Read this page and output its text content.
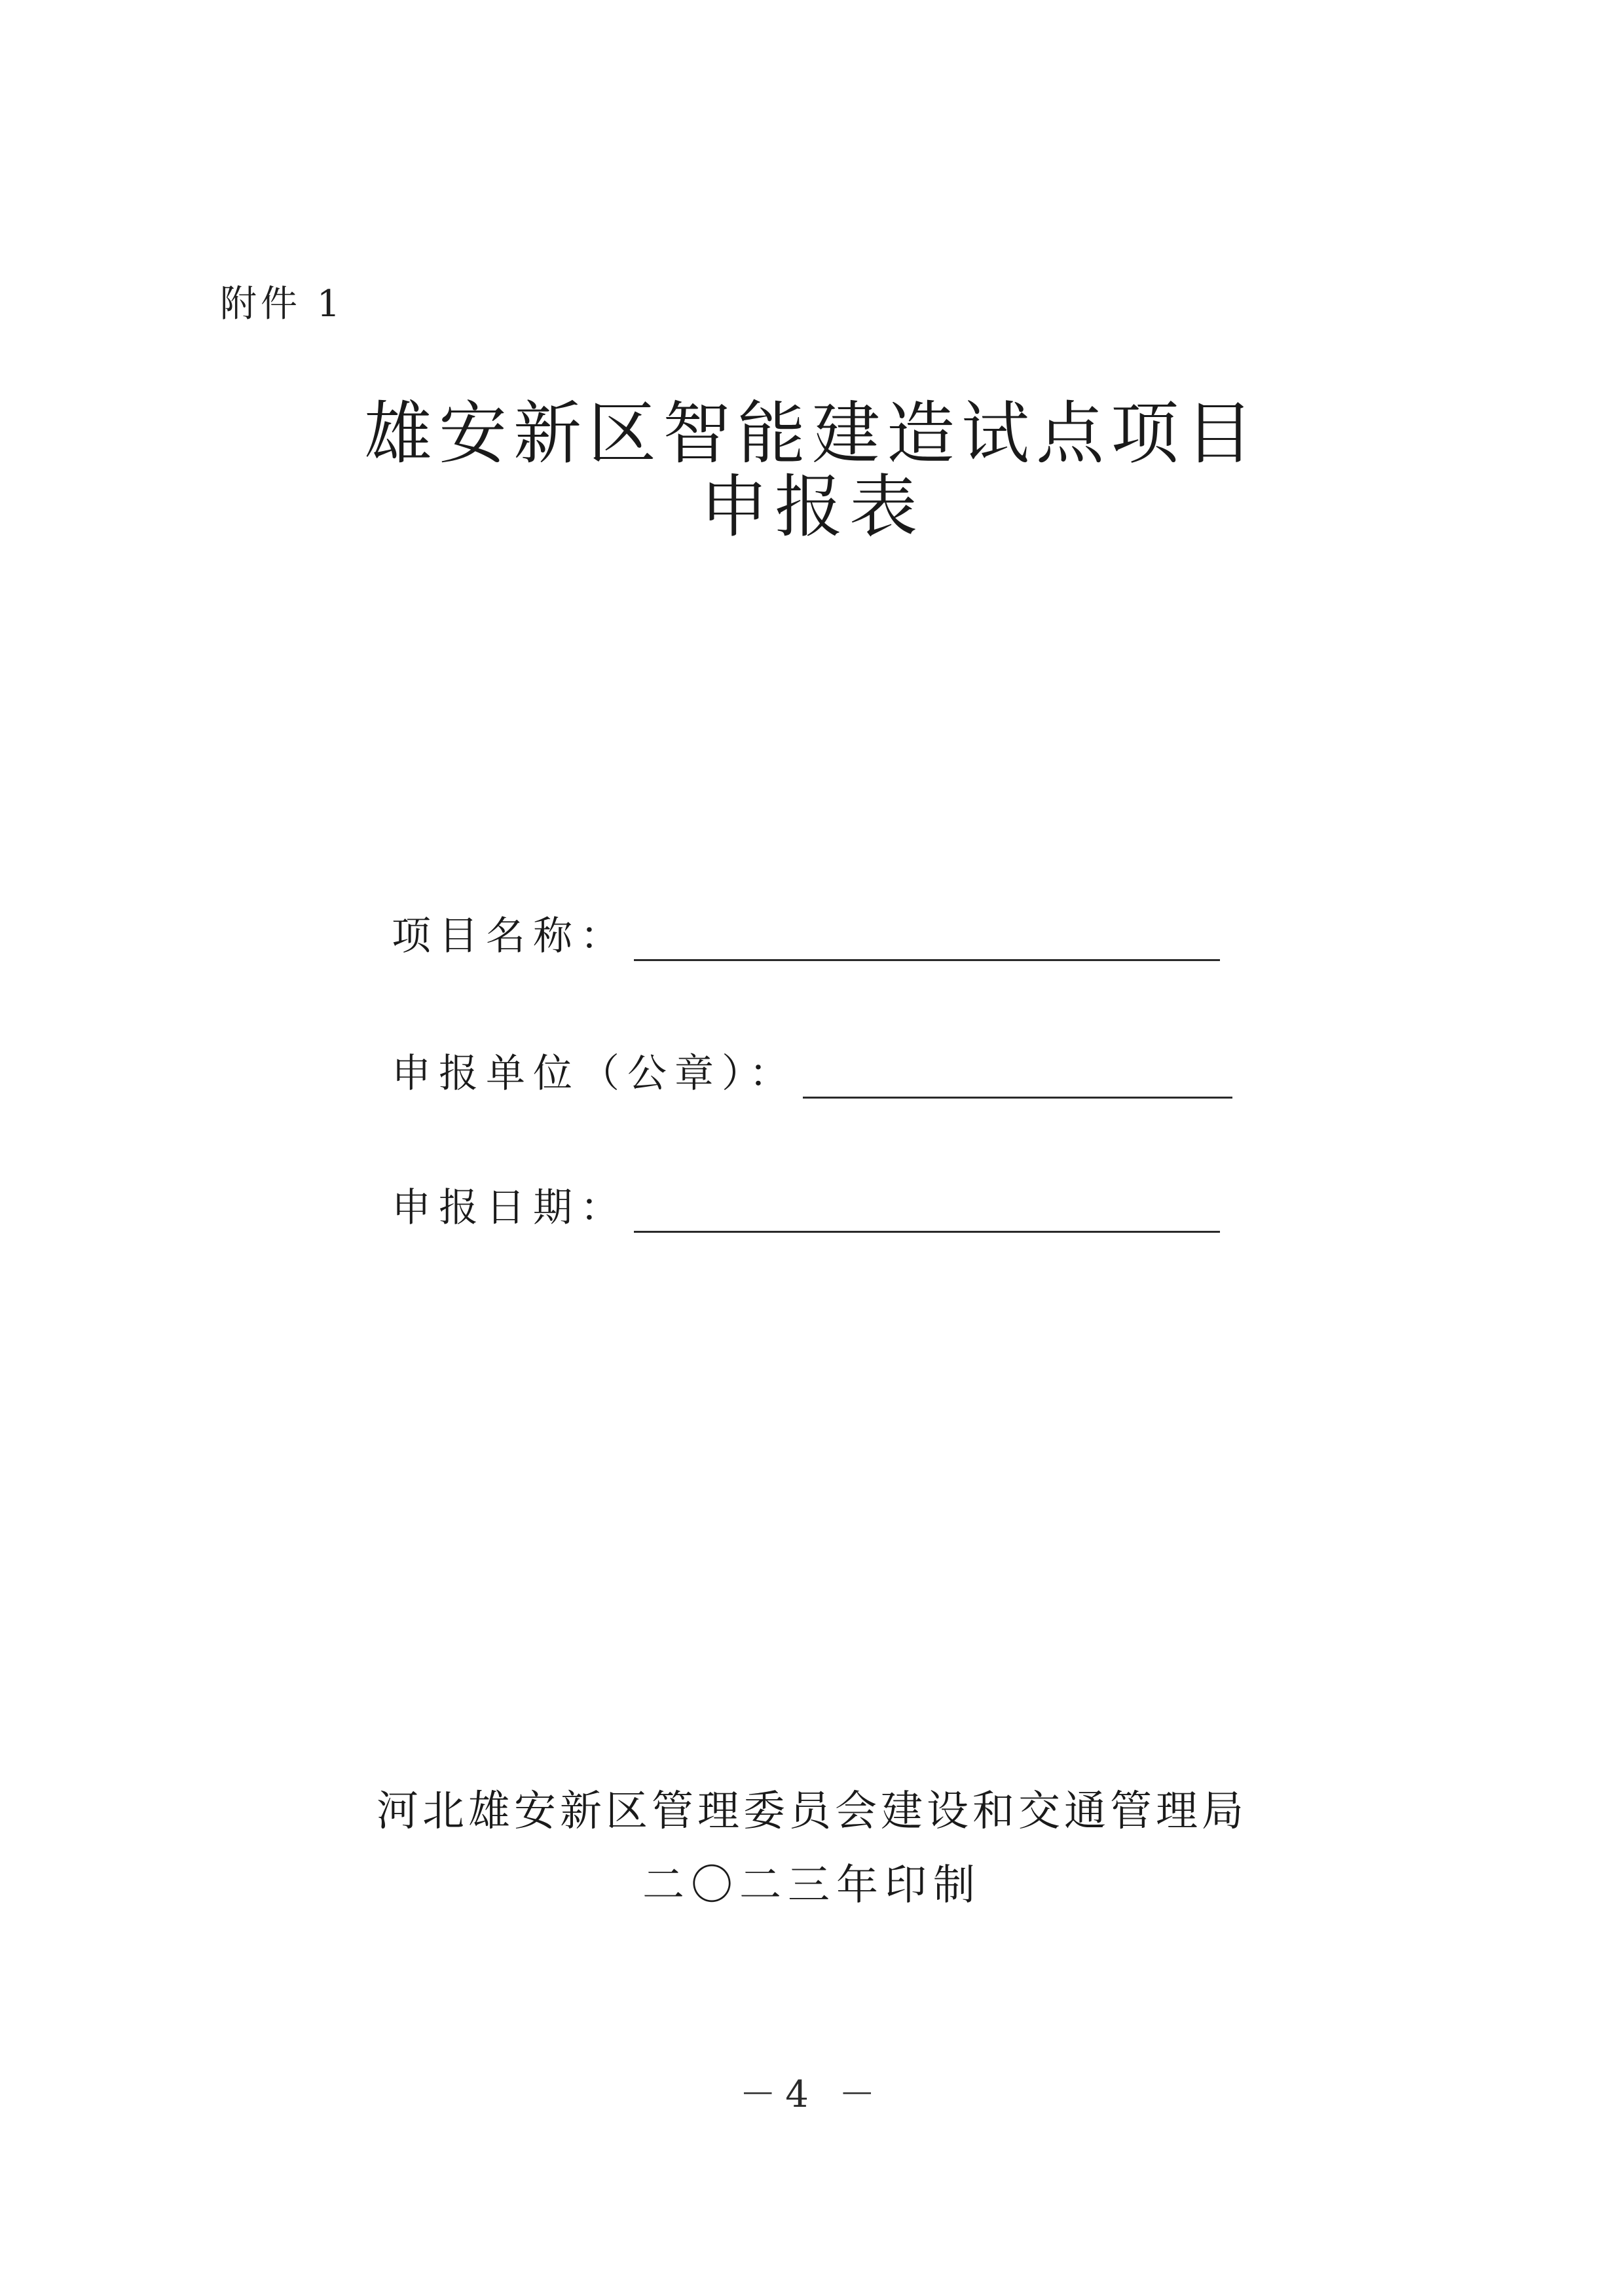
附件 1
雄安新区智能建造试点项目
申报表
项目名称：
申报单位（公章）：
申报日期：
河北雄安新区管理委员会建设和交通管理局
二〇二三年印制
－4 －
